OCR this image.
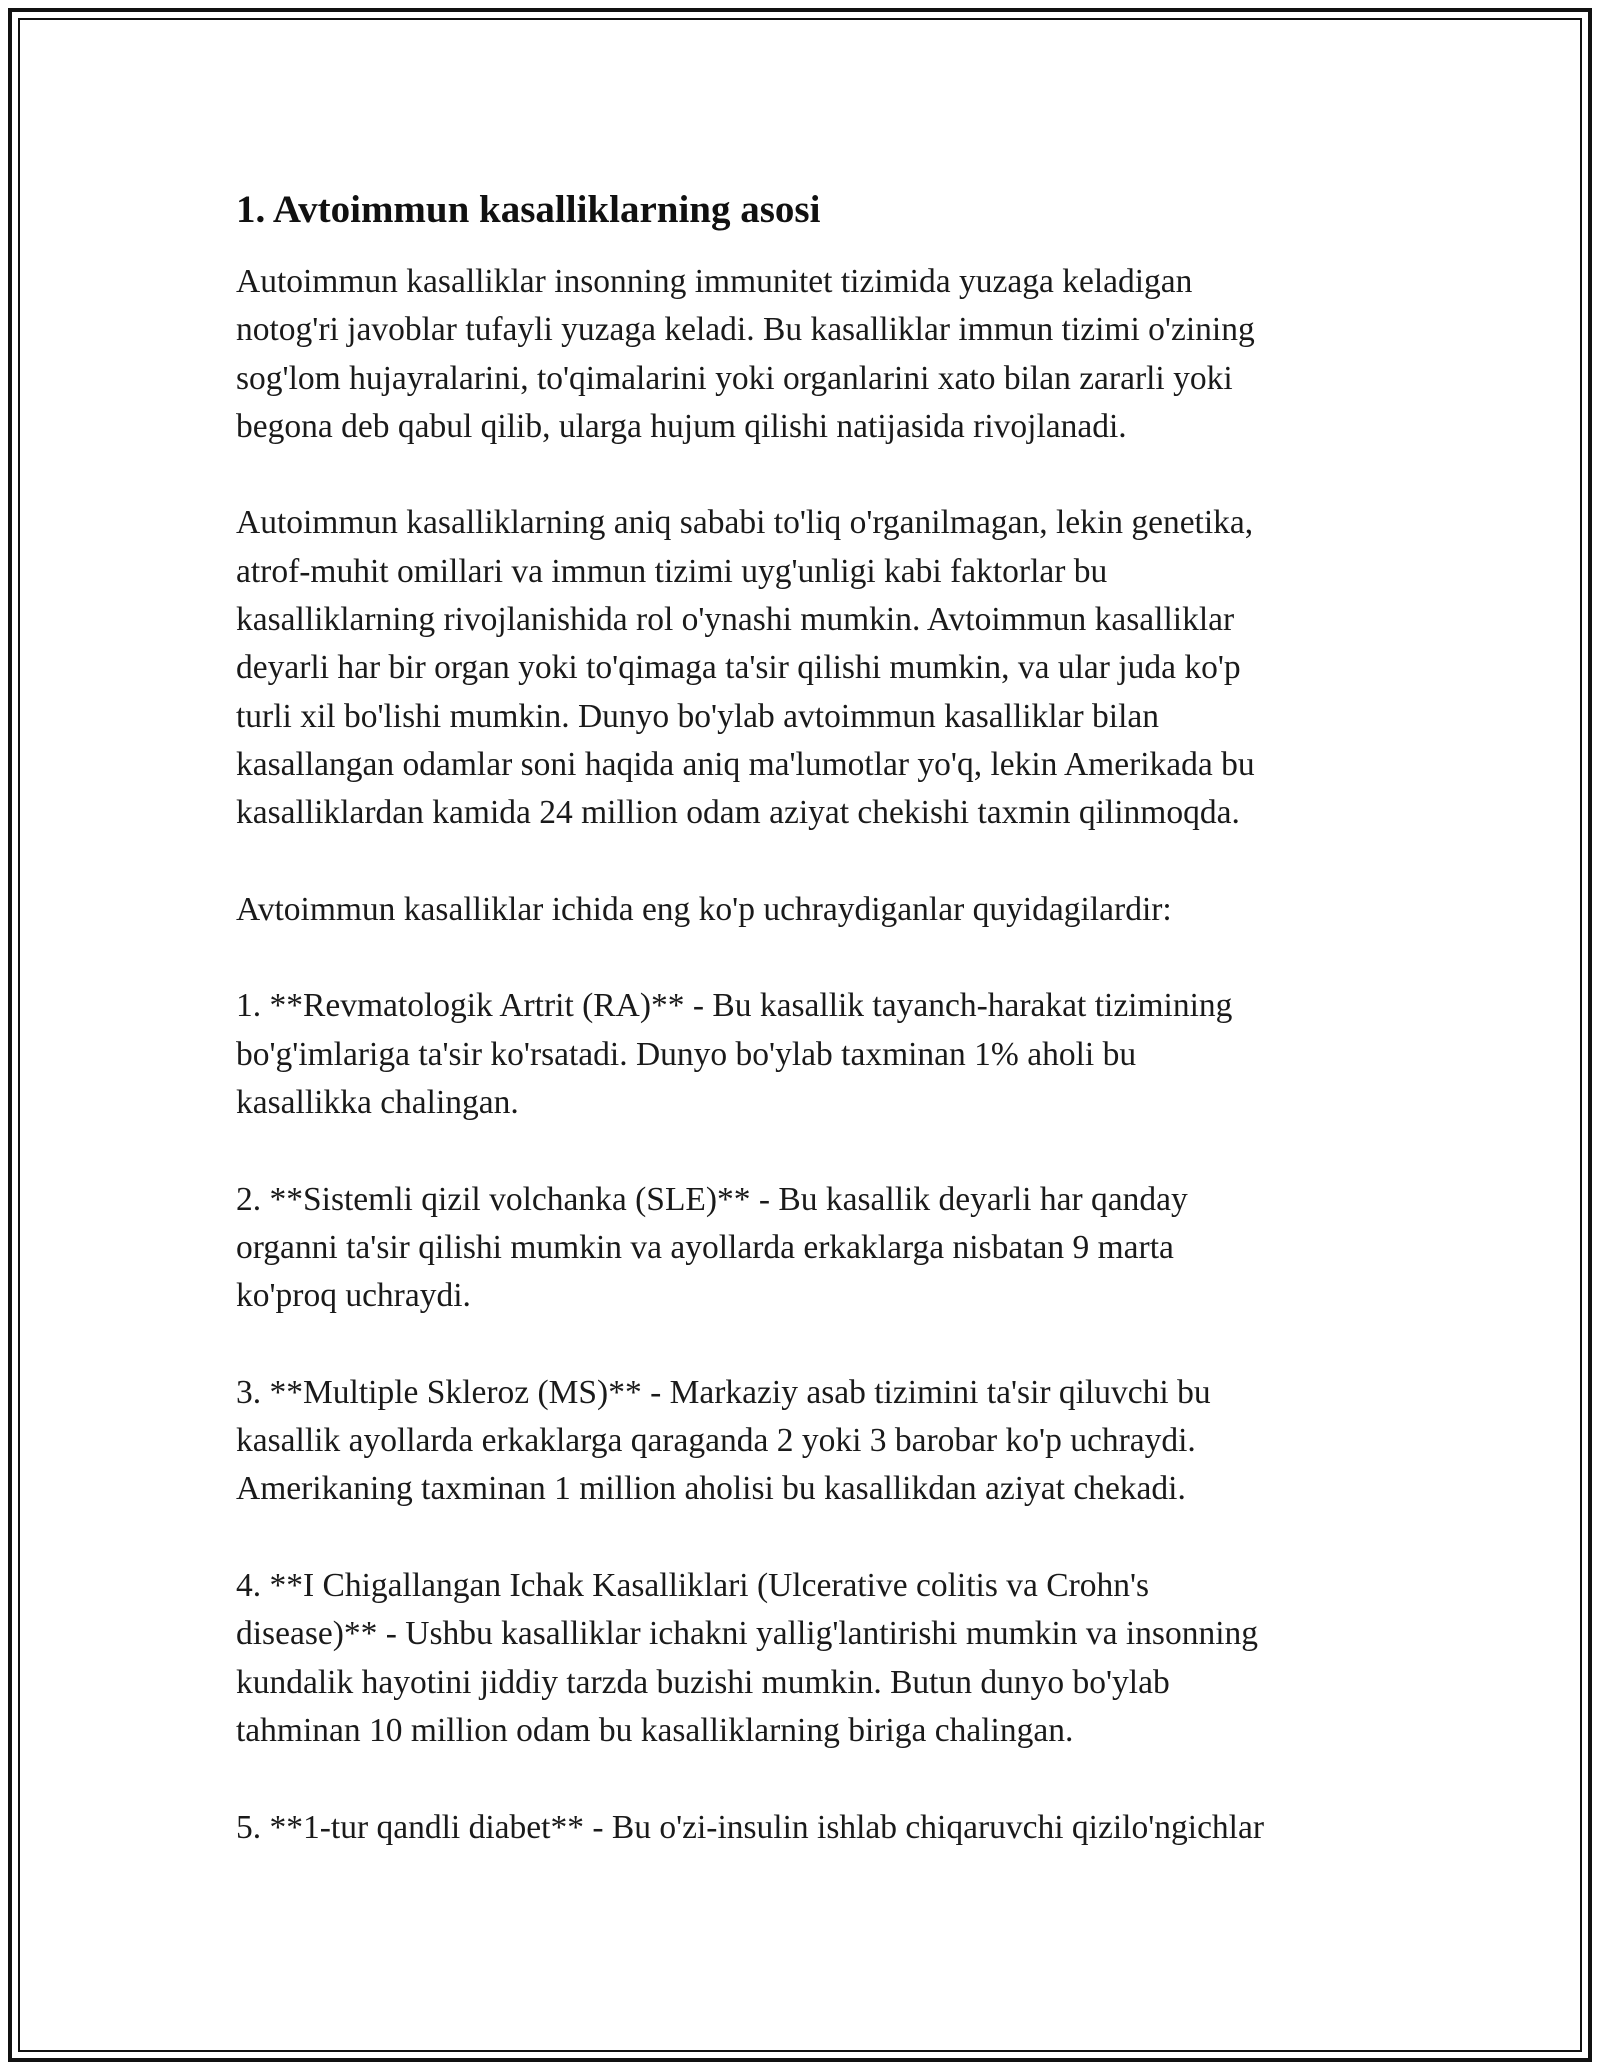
1. Avtoimmun kasalliklarning asosi

Autoimmun kasalliklar insonning immunitet tizimida yuzaga keladigan
notog'ri javoblar tufayli yuzaga keladi. Bu kasalliklar immun tizimi o'zining
sog'lom hujayralarini, to'qimalarini yoki organlarini xato bilan zararli yoki
begona deb qabul qilib, ularga hujum qilishi natijasida rivojlanadi.

Autoimmun kasalliklarning aniq sababi to'liq o'rganilmagan, lekin genetika,
atrof-muhit omillari va immun tizimi uyg'unligi kabi faktorlar bu
kasalliklarning rivojlanishida rol o'ynashi mumkin. Avtoimmun kasalliklar
deyarli har bir organ yoki to'qimaga ta'sir qilishi mumkin, va ular juda ko'p
turli xil bo'lishi mumkin. Dunyo bo'ylab avtoimmun kasalliklar bilan
kasallangan odamlar soni haqida aniq ma'lumotlar yo'q, lekin Amerikada bu
kasalliklardan kamida 24 million odam aziyat chekishi taxmin qilinmoqda.

Avtoimmun kasalliklar ichida eng ko'p uchraydiganlar quyidagilardir:

1. **Revmatologik Artrit (RA)** - Bu kasallik tayanch-harakat tizimining
bo'g'imlariga ta'sir ko'rsatadi. Dunyo bo'ylab taxminan 1% aholi bu
kasallikka chalingan.

2. **Sistemli qizil volchanka (SLE)** - Bu kasallik deyarli har qanday
organni ta'sir qilishi mumkin va ayollarda erkaklarga nisbatan 9 marta
ko'proq uchraydi.

3. **Multiple Skleroz (MS)** - Markaziy asab tizimini ta'sir qiluvchi bu
kasallik ayollarda erkaklarga qaraganda 2 yoki 3 barobar ko'p uchraydi.
Amerikaning taxminan 1 million aholisi bu kasallikdan aziyat chekadi.

4. **I Chigallangan Ichak Kasalliklari (Ulcerative colitis va Crohn's
disease)** - Ushbu kasalliklar ichakni yallig'lantirishi mumkin va insonning
kundalik hayotini jiddiy tarzda buzishi mumkin. Butun dunyo bo'ylab
tahminan 10 million odam bu kasalliklarning biriga chalingan.

5. **1-tur qandli diabet** - Bu o'zi-insulin ishlab chiqaruvchi qizilo'ngichlar
